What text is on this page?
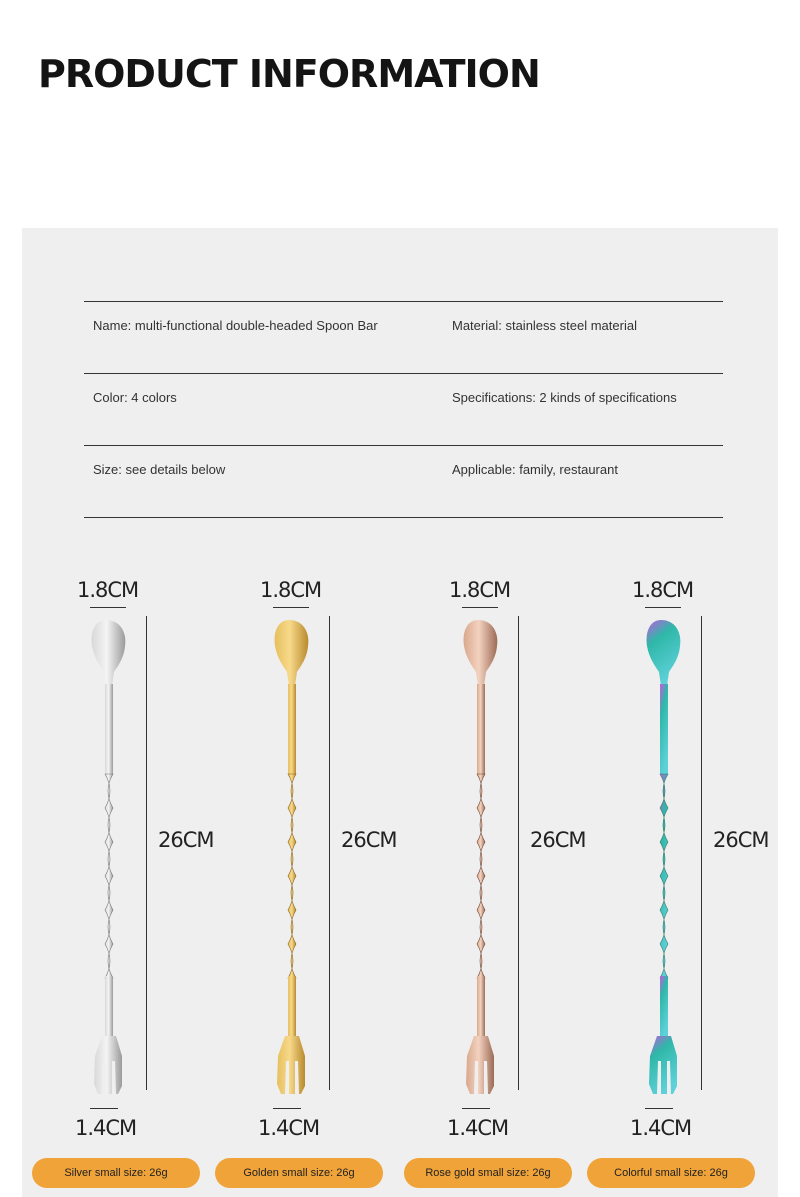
PRODUCT INFORMATION
Name: multi-functional double-headed Spoon Bar	Material: stainless steel material
Color: 4 colors	Specifications: 2 kinds of specifications
Size: see details below	Applicable: family, restaurant
1.8CM
26CM
1.4CM
Silver small size: 26g
1.8CM
26CM
1.4CM
Golden small size: 26g
1.8CM
26CM
1.4CM
Rose gold small size: 26g
1.8CM
26CM
1.4CM
Colorful small size: 26g
